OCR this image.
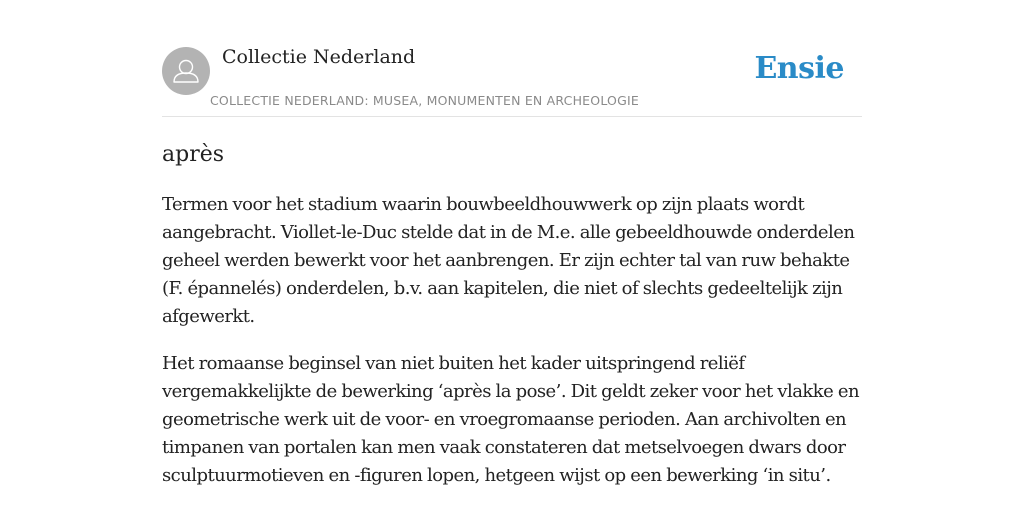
Collectie Nederland
COLLECTIE NEDERLAND: MUSEA, MONUMENTEN EN ARCHEOLOGIE
Ensie
après

Termen voor het stadium waarin bouwbeeldhouwwerk op zijn plaats wordt aangebracht. Viollet-le-Duc stelde dat in de M.e. alle gebeeldhouwde onderdelen geheel werden bewerkt voor het aanbrengen. Er zijn echter tal van ruw behakte (F. épannelés) onderdelen, b.v. aan kapitelen, die niet of slechts gedeeltelijk zijn afgewerkt.

Het romaanse beginsel van niet buiten het kader uitspringend reliëf vergemakkelijkte de bewerking ‘après la pose’. Dit geldt zeker voor het vlakke en geometrische werk uit de voor- en vroegromaanse perioden. Aan archivolten en timpanen van portalen kan men vaak constateren dat metselvoegen dwars door sculptuurmotieven en -figuren lopen, hetgeen wijst op een bewerking ‘in situ’.
